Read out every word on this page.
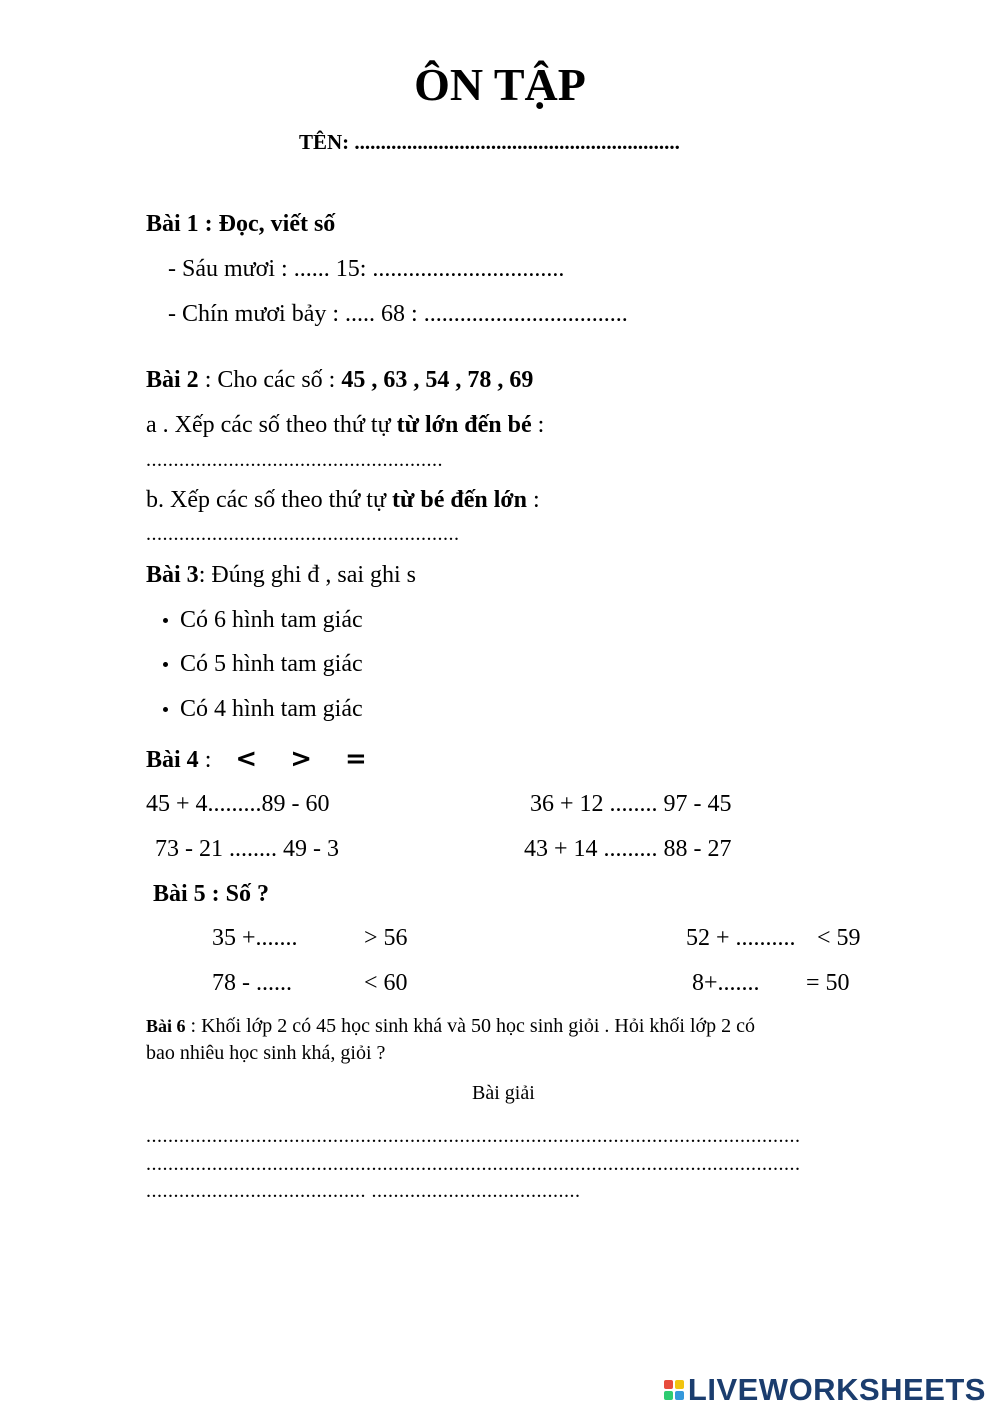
ÔN TẬP
TÊN: ..............................................................
Bài 1 : Đọc, viết số
- Sáu mươi : ...... 15: ................................
- Chín mươi bảy : ..... 68 : ..................................
Bài 2 : Cho các số : 45 , 63 , 54 , 78 , 69
a . Xếp các số theo thứ tự từ lớn đến bé :
......................................................
b. Xếp các số theo thứ tự từ bé đến lớn :
.........................................................
Bài 3: Đúng ghi đ , sai ghi s
Có 6 hình tam giác
Có 5 hình tam giác
Có 4 hình tam giác
Bài 4 : < > =
45 + 4.........89 - 60	36 + 12 ........ 97 - 45
73 - 21 ........ 49 - 3	43 + 14 ......... 88 - 27
Bài 5 : Số ?
35 +.......	> 56	52 + .......... < 59
78 - ......	< 60	8+....... = 50
Bài 6 : Khối lớp 2 có 45 học sinh khá và 50 học sinh giỏi . Hỏi khối lớp 2 có
bao nhiêu học sinh khá, giỏi ?
Bài giải
.......................................................................................................................
.......................................................................................................................
........................................ ......................................
LIVEWORKSHEETS
